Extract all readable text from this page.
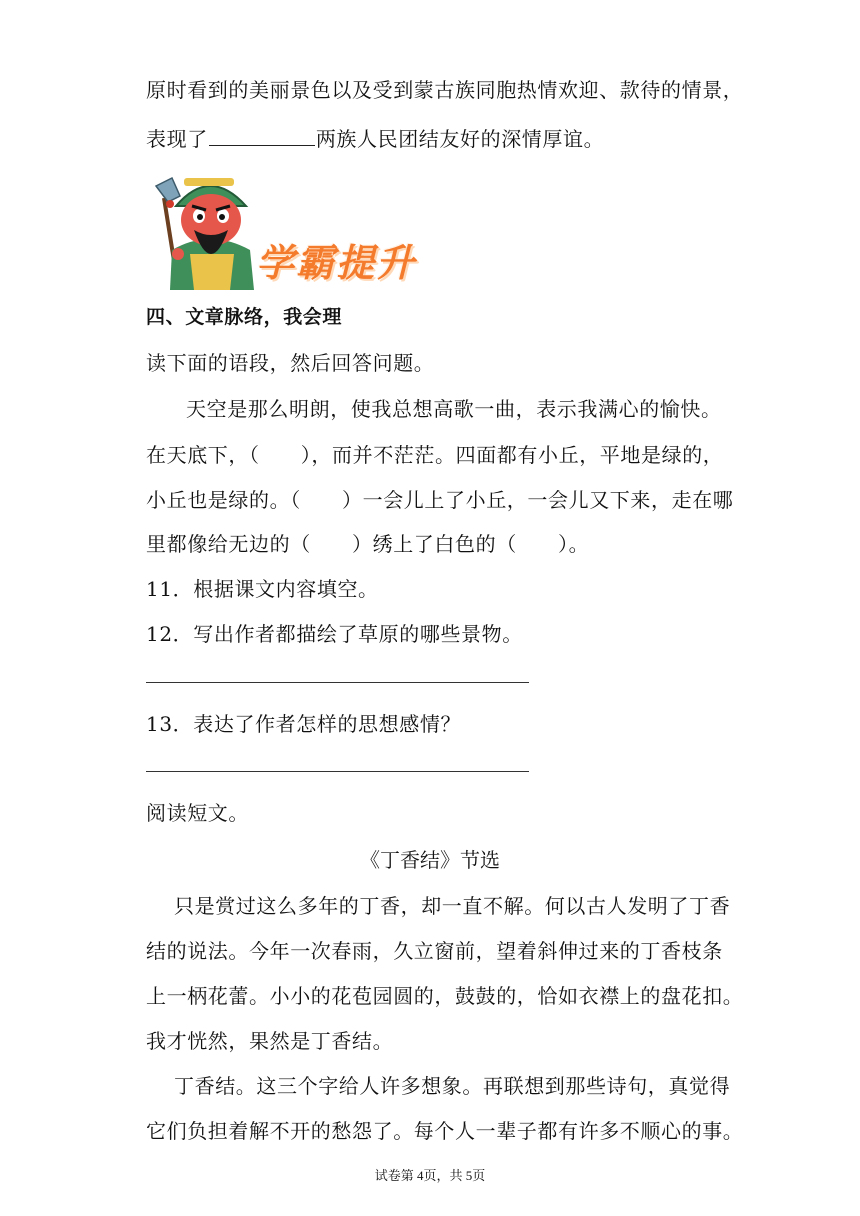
原时看到的美丽景色以及受到蒙古族同胞热情欢迎、款待的情景，
表现了	两族人民团结友好的深情厚谊。
学霸提升
四、文章脉络，我会理
读下面的语段，然后回答问题。
天空是那么明朗，使我总想高歌一曲，表示我满心的愉快。
在天底下，（　　），而并不茫茫。四面都有小丘，平地是绿的，
小丘也是绿的。（　　）一会儿上了小丘，一会儿又下来，走在哪
里都像给无边的（　　）绣上了白色的（　　）。
11．根据课文内容填空。
12．写出作者都描绘了草原的哪些景物。
13．表达了作者怎样的思想感情？
阅读短文。
《丁香结》节选
只是赏过这么多年的丁香，却一直不解。何以古人发明了丁香
结的说法。今年一次春雨，久立窗前，望着斜伸过来的丁香枝条
上一柄花蕾。小小的花苞园圆的，鼓鼓的，恰如衣襟上的盘花扣。
我才恍然，果然是丁香结。
丁香结。这三个字给人许多想象。再联想到那些诗句，真觉得
它们负担着解不开的愁怨了。每个人一辈子都有许多不顺心的事。
试卷第 4页，共 5页
